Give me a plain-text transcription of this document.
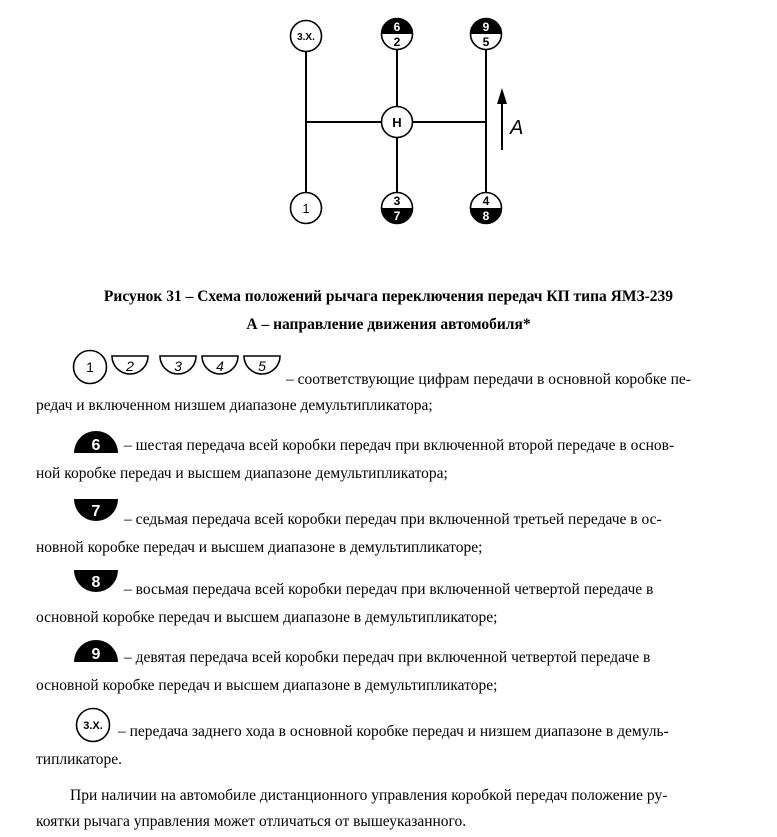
3.X.
H
1
6
2
9
5
3
7
4
8
А
Рисунок 31 – Схема положений рычага переключения передач КП типа ЯМЗ-239
А – направление движения автомобиля*
1 2	3 4 5
– соответствующие цифрам передачи в основной коробке пе-
редач и включенном низшем диапазоне демультипликатора;
6 – шестая передача всей коробки передач при включенной второй передаче в основ-
ной коробке передач и высшем диапазоне демультипликатора;
7 – седьмая передача всей коробки передач при включенной третьей передаче в ос-
новной коробке передач и высшем диапазоне в демультипликаторе;
8 – восьмая передача всей коробки передач при включенной четвертой передаче в
основной коробке передач и высшем диапазоне в демультипликаторе;
9 – девятая передача всей коробки передач при включенной четвертой передаче в
основной коробке передач и высшем диапазоне в демультипликаторе;
3.X. – передача заднего хода в основной коробке передач и низшем диапазоне в демуль-
типликаторе.
При наличии на автомобиле дистанционного управления коробкой передач положение ру-
коятки рычага управления может отличаться от вышеуказанного.
